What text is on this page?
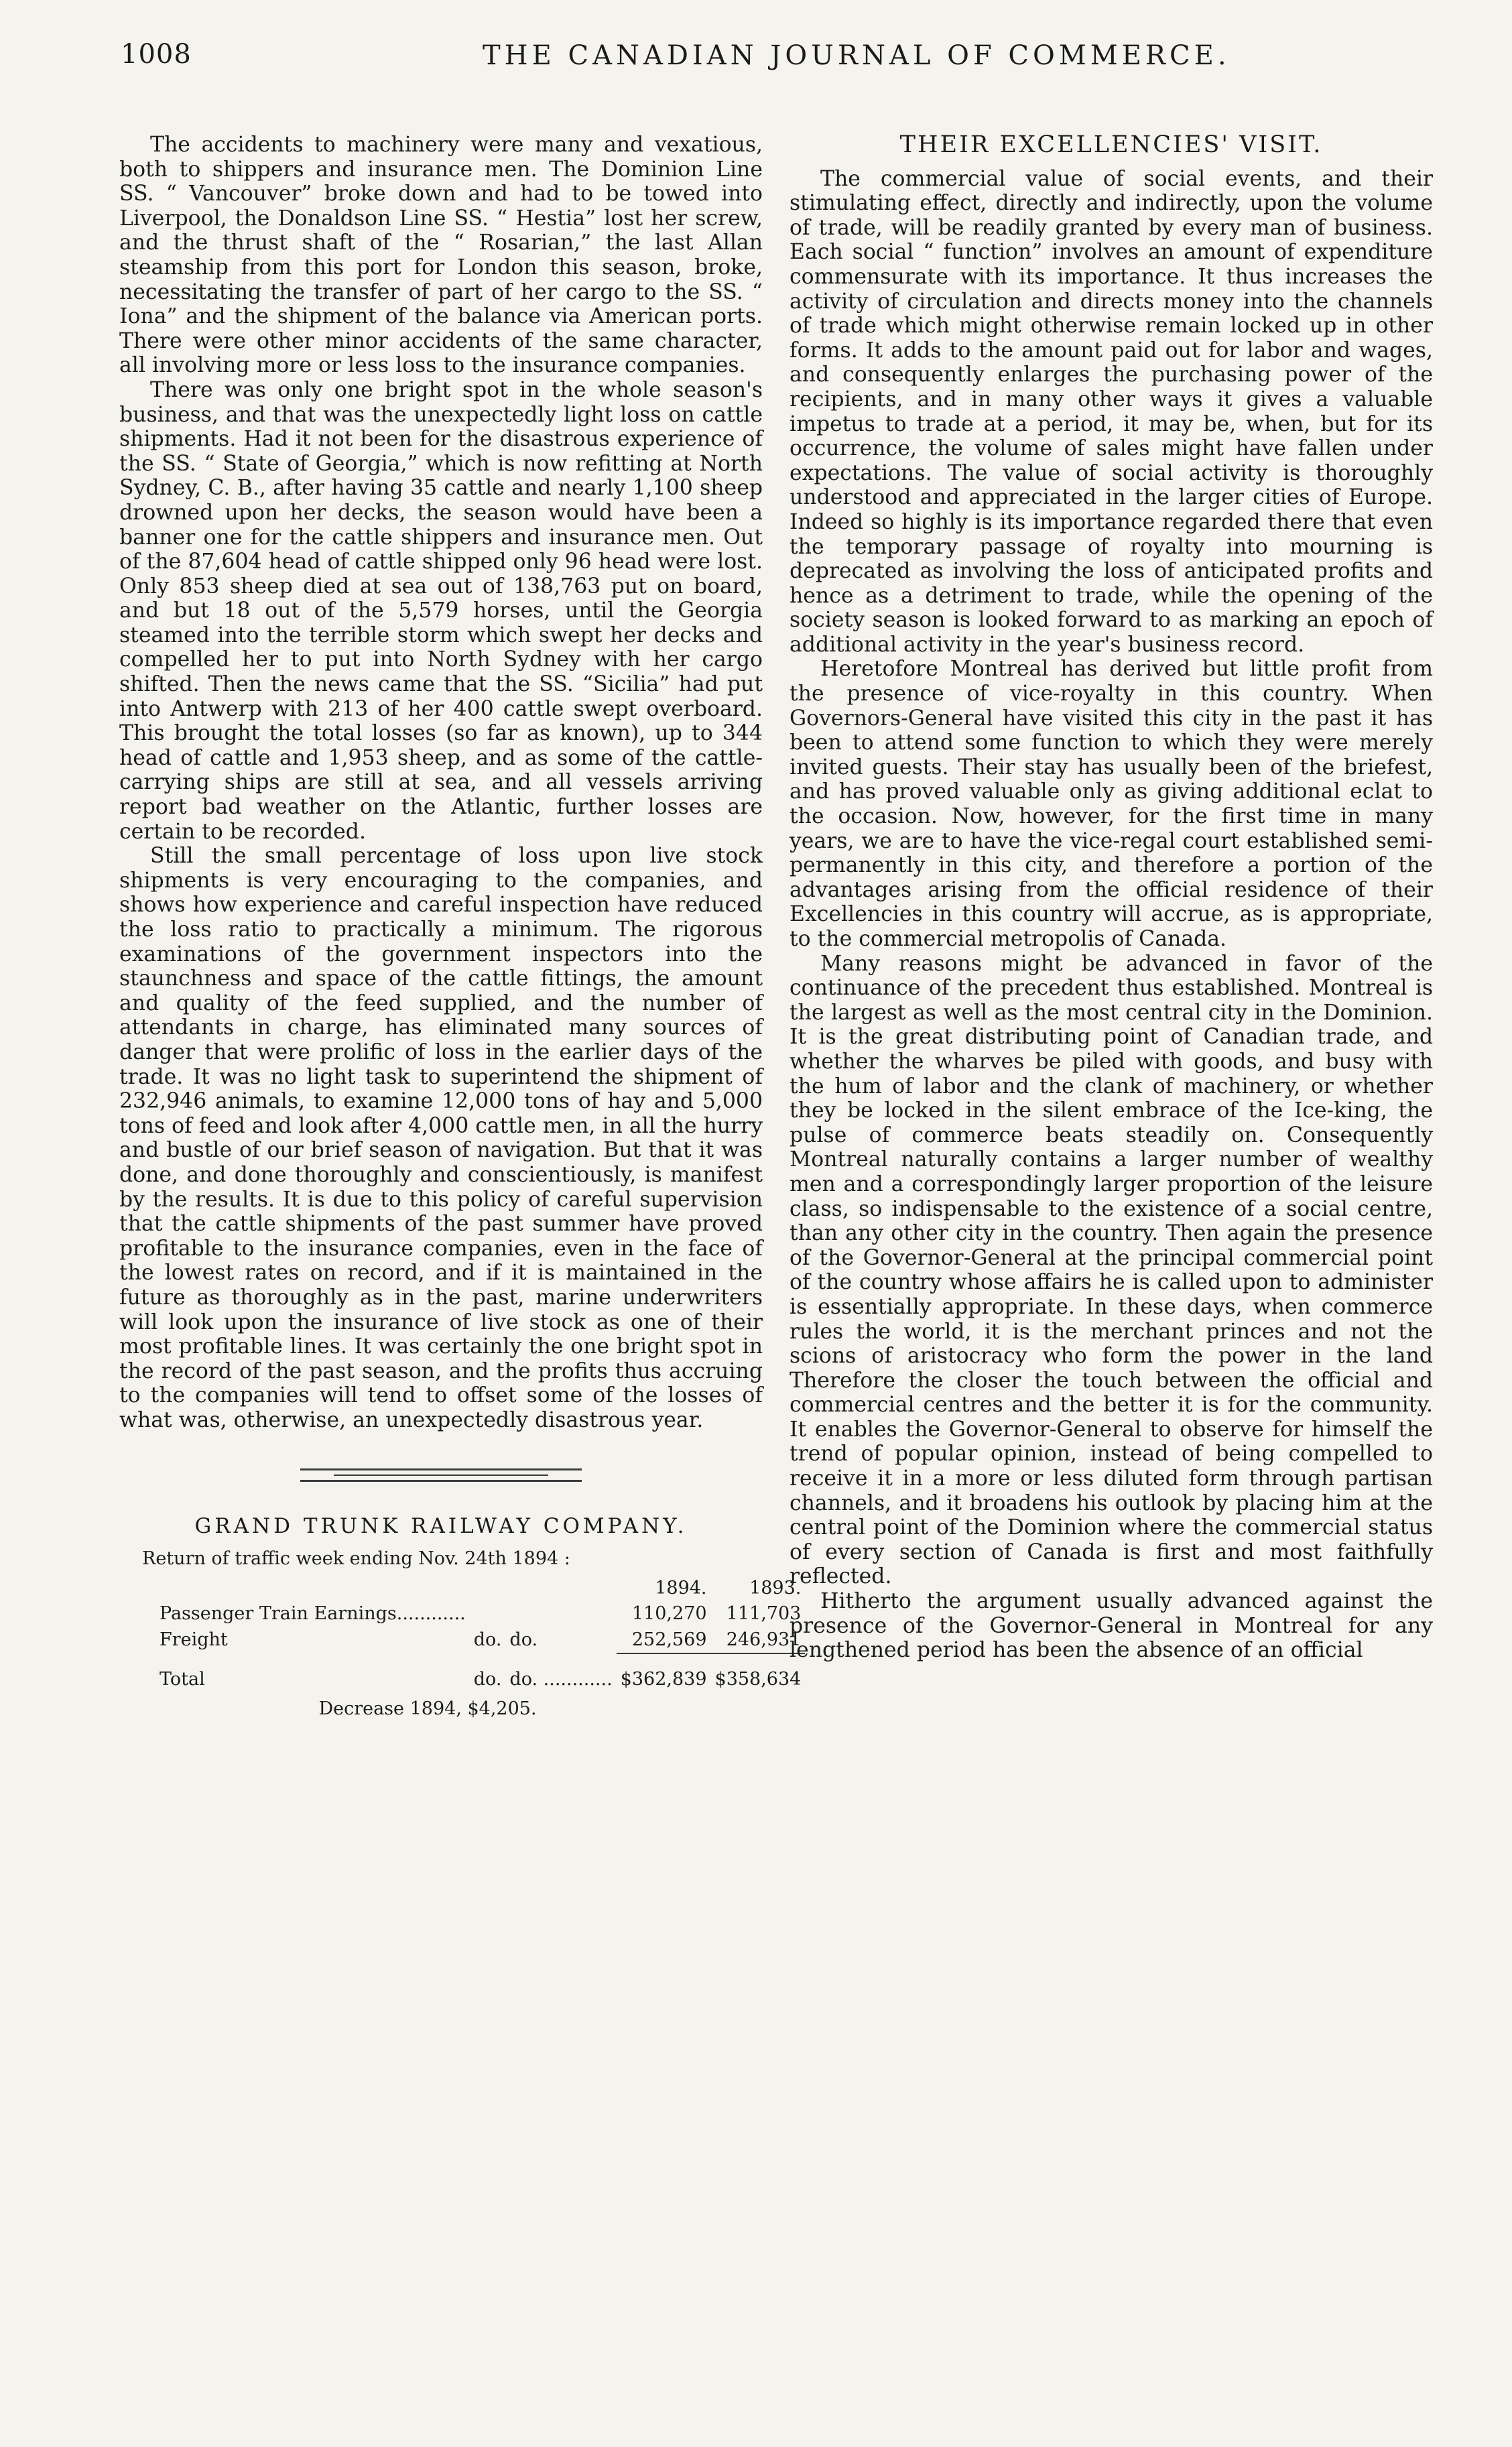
1008	THE CANADIAN JOURNAL OF COMMERCE.

The accidents to machinery were many and vexatious, both to shippers and insurance men. The Dominion Line SS. “ Vancouver” broke down and had to be towed into Liverpool, the Donaldson Line SS. “ Hestia” lost her screw, and the thrust shaft of the “ Rosarian,” the last Allan steamship from this port for London this season, broke, necessitating the transfer of part of her cargo to the SS. “ Iona” and the shipment of the balance via American ports. There were other minor accidents of the same character, all involving more or less loss to the insurance companies.

There was only one bright spot in the whole season's business, and that was the unexpectedly light loss on cattle shipments. Had it not been for the disastrous experience of the SS. “ State of Georgia,” which is now refitting at North Sydney, C. B., after having 35 cattle and nearly 1,100 sheep drowned upon her decks, the season would have been a banner one for the cattle shippers and insurance men. Out of the 87,604 head of cattle shipped only 96 head were lost. Only 853 sheep died at sea out of 138,763 put on board, and but 18 out of the 5,579 horses, until the Georgia steamed into the terrible storm which swept her decks and compelled her to put into North Sydney with her cargo shifted. Then the news came that the SS. “Sicilia” had put into Antwerp with 213 of her 400 cattle swept overboard. This brought the total losses (so far as known), up to 344 head of cattle and 1,953 sheep, and as some of the cattle-carrying ships are still at sea, and all vessels arriving report bad weather on the Atlantic, further losses are certain to be recorded.

Still the small percentage of loss upon live stock shipments is very encouraging to the companies, and shows how experience and careful inspection have reduced the loss ratio to practically a minimum. The rigorous examinations of the government inspectors into the staunchness and space of the cattle fittings, the amount and quality of the feed supplied, and the number of attendants in charge, has eliminated many sources of danger that were prolific of loss in the earlier days of the trade. It was no light task to superintend the shipment of 232,946 animals, to examine 12,000 tons of hay and 5,000 tons of feed and look after 4,000 cattle men, in all the hurry and bustle of our brief season of navigation. But that it was done, and done thoroughly and conscientiously, is manifest by the results. It is due to this policy of careful supervision that the cattle shipments of the past summer have proved profitable to the insurance companies, even in the face of the lowest rates on record, and if it is maintained in the future as thoroughly as in the past, marine underwriters will look upon the insurance of live stock as one of their most profitable lines. It was certainly the one bright spot in the record of the past season, and the profits thus accruing to the companies will tend to offset some of the losses of what was, otherwise, an unexpectedly disastrous year.

GRAND TRUNK RAILWAY COMPANY.
Return of traffic week ending Nov. 24th 1894 :
			1894.	1893.
Passenger Train Earnings............			110,270	111,703
Freight	do.	do.	252,569	246,931
Total	do.	do. ............	$362,839	$358,634
Decrease 1894, $4,205.
THEIR EXCELLENCIES' VISIT.

The commercial value of social events, and their stimulating effect, directly and indirectly, upon the volume of trade, will be readily granted by every man of business. Each social “ function” involves an amount of expenditure commensurate with its importance. It thus increases the activity of circulation and directs money into the channels of trade which might otherwise remain locked up in other forms. It adds to the amount paid out for labor and wages, and consequently enlarges the purchasing power of the recipients, and in many other ways it gives a valuable impetus to trade at a period, it may be, when, but for its occurrence, the volume of sales might have fallen under expectations. The value of social activity is thoroughly understood and appreciated in the larger cities of Europe. Indeed so highly is its importance regarded there that even the temporary passage of royalty into mourning is deprecated as involving the loss of anticipated profits and hence as a detriment to trade, while the opening of the society season is looked forward to as marking an epoch of additional activity in the year's business record.

Heretofore Montreal has derived but little profit from the presence of vice-royalty in this country. When Governors-General have visited this city in the past it has been to attend some function to which they were merely invited guests. Their stay has usually been of the briefest, and has proved valuable only as giving additional eclat to the occasion. Now, however, for the first time in many years, we are to have the vice-regal court established semi-permanently in this city, and therefore a portion of the advantages arising from the official residence of their Excellencies in this country will accrue, as is appropriate, to the commercial metropolis of Canada.

Many reasons might be advanced in favor of the continuance of the precedent thus established. Montreal is the largest as well as the most central city in the Dominion. It is the great distributing point of Canadian trade, and whether the wharves be piled with goods, and busy with the hum of labor and the clank of machinery, or whether they be locked in the silent embrace of the Ice-king, the pulse of commerce beats steadily on. Consequently Montreal naturally contains a larger number of wealthy men and a correspondingly larger proportion of the leisure class, so indispensable to the existence of a social centre, than any other city in the country. Then again the presence of the Governor-General at the principal commercial point of the country whose affairs he is called upon to administer is essentially appropriate. In these days, when commerce rules the world, it is the merchant princes and not the scions of aristocracy who form the power in the land Therefore the closer the touch between the official and commercial centres and the better it is for the community. It enables the Governor-General to observe for himself the trend of popular opinion, instead of being compelled to receive it in a more or less diluted form through partisan channels, and it broadens his outlook by placing him at the central point of the Dominion where the commercial status of every section of Canada is first and most faithfully reflected.

Hitherto the argument usually advanced against the presence of the Governor-General in Montreal for any lengthened period has been the absence of an official
